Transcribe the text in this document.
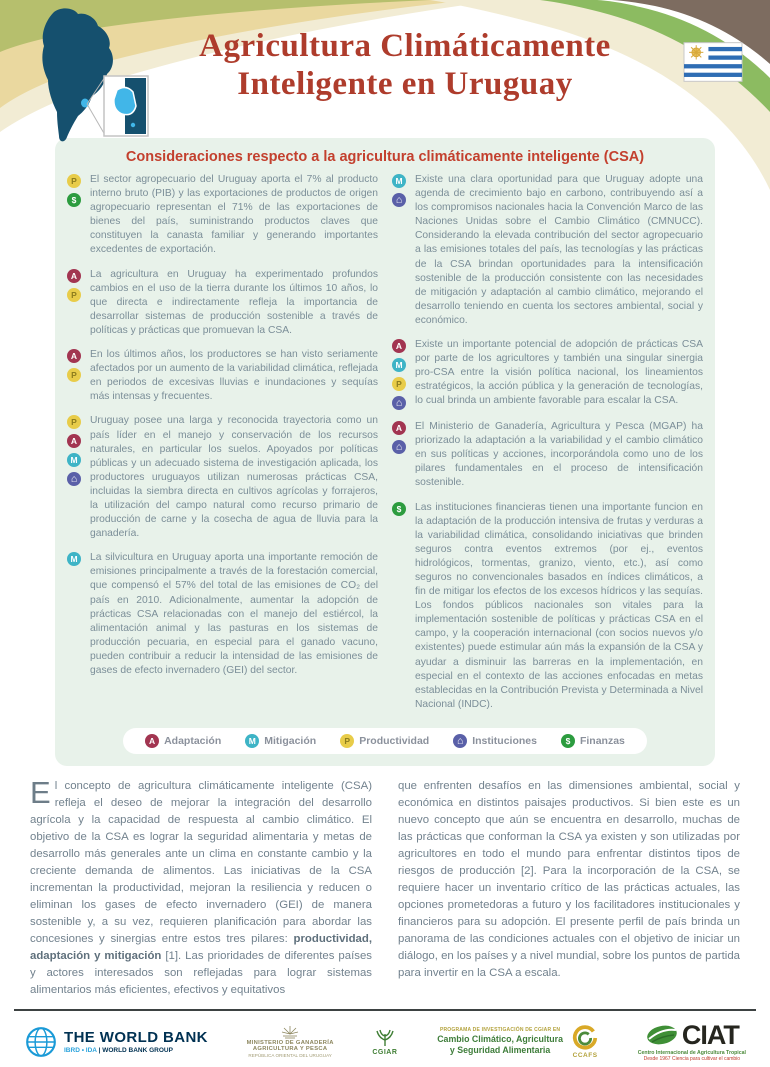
Agricultura Climáticamente
Inteligente en Uruguay
Consideraciones respecto a la agricultura climáticamente inteligente (CSA)
P
$

El sector agropecuario del Uruguay aporta el 7% al producto interno bruto (PIB) y las exportaciones de productos de origen agropecuario representan el 71% de las exportaciones de bienes del país, suministrando productos claves que constituyen la canasta familiar y generando importantes excedentes de exportación.

A
P

La agricultura en Uruguay ha experimentado profundos cambios en el uso de la tierra durante los últimos 10 años, lo que directa e indirectamente refleja la importancia de desarrollar sistemas de producción sostenible a través de políticas y prácticas que promuevan la CSA.

A
P

En los últimos años, los productores se han visto seriamente afectados por un aumento de la variabilidad climática, reflejada en periodos de excesivas lluvias e inundaciones y sequías más intensas y frecuentes.

P
A
M
⌂

Uruguay posee una larga y reconocida trayectoria como un país líder en el manejo y conservación de los recursos naturales, en particular los suelos. Apoyados por políticas públicas y un adecuado sistema de investigación aplicada, los productores uruguayos utilizan numerosas prácticas CSA, incluidas la siembra directa en cultivos agrícolas y forrajeros, la utilización del campo natural como recurso primario de producción de carne y la cosecha de agua de lluvia para la ganadería.

M	La silvicultura en Uruguay aporta una importante remoción de emisiones principalmente a través de la forestación comercial, que compensó el 57% del total de las emisiones de CO₂ del país en 2010. Adicionalmente, aumentar la adopción de prácticas CSA relacionadas con el manejo del estiércol, la alimentación animal y las pasturas en los sistemas de producción pecuaria, en especial para el ganado vacuno, pueden contribuir a reducir la intensidad de las emisiones de gases de efecto invernadero (GEI) del sector.

M
⌂

Existe una clara oportunidad para que Uruguay adopte una agenda de crecimiento bajo en carbono, contribuyendo así a los compromisos nacionales hacia la Convención Marco de las Naciones Unidas sobre el Cambio Climático (CMNUCC). Considerando la elevada contribución del sector agropecuario a las emisiones totales del país, las tecnologías y las prácticas de la CSA brindan oportunidades para la intensificación sostenible de la producción consistente con las necesidades de mitigación y adaptación al cambio climático, mejorando el desarrollo teniendo en cuenta los sectores ambiental, social y económico.

A
M
P
⌂

Existe un importante potencial de adopción de prácticas CSA por parte de los agricultores y también una singular sinergia pro-CSA entre la visión política nacional, los lineamientos estratégicos, la acción pública y la generación de tecnologías, lo cual brinda un ambiente favorable para escalar la CSA.

A
⌂

El Ministerio de Ganadería, Agricultura y Pesca (MGAP) ha priorizado la adaptación a la variabilidad y el cambio climático en sus políticas y acciones, incorporándola como uno de los pilares fundamentales en el proceso de intensificación sostenible.

$	Las instituciones financieras tienen una importante funcion en la adaptación de la producción intensiva de frutas y verduras a la variabilidad climática, consolidando iniciativas que brinden seguros contra eventos extremos (por ej., eventos hidrológicos, tormentas, granizo, viento, etc.), así como seguros no convencionales basados en índices climáticos, a fin de mitigar los efectos de los excesos hídricos y las sequías. Los fondos públicos nacionales son vitales para la implementación sostenible de políticas y prácticas CSA en el campo, y la cooperación internacional (con socios nuevos y/o existentes) puede estimular aún más la expansión de la CSA y ayudar a disminuir las barreras en la implementación, en especial en el contexto de las acciones enfocadas en metas establecidas en la Contribución Prevista y Determinada a Nivel Nacional (INDC).

A Adaptación	M Mitigación	P Productividad	⌂ Instituciones	$ Finanzas

El concepto de agricultura climáticamente inteligente (CSA) refleja el deseo de mejorar la integración del desarrollo agrícola y la capacidad de respuesta al cambio climático. El objetivo de la CSA es lograr la seguridad alimentaria y metas de desarrollo más generales ante un clima en constante cambio y la creciente demanda de alimentos. Las iniciativas de la CSA incrementan la productividad, mejoran la resiliencia y reducen o eliminan los gases de efecto invernadero (GEI) de manera sostenible y, a su vez, requieren planificación para abordar las concesiones y sinergias entre estos tres pilares: productividad, adaptación y mitigación [1]. Las prioridades de diferentes países y actores interesados son reflejadas para lograr sistemas alimentarios más eficientes, efectivos y equitativos

que enfrenten desafíos en las dimensiones ambiental, social y económica en distintos paisajes productivos. Si bien este es un nuevo concepto que aún se encuentra en desarrollo, muchas de las prácticas que conforman la CSA ya existen y son utilizadas por agricultores en todo el mundo para enfrentar distintos tipos de riesgos de producción [2]. Para la incorporación de la CSA, se requiere hacer un inventario crítico de las prácticas actuales, las opciones prometedoras a futuro y los facilitadores institucionales y financieros para su adopción. El presente perfil de país brinda un panorama de las condiciones actuales con el objetivo de iniciar un diálogo, en los países y a nivel mundial, sobre los puntos de partida para invertir en la CSA a escala.

THE WORLD BANK
IBRD • IDA | WORLD BANK GROUP
MINISTERIO DE GANADERÍA
AGRICULTURA Y PESCA
REPÚBLICA ORIENTAL DEL URUGUAY	CGIAR
PROGRAMA DE INVESTIGACIÓN DE CGIAR EN
Cambio Climático, Agricultura y Seguridad Alimentaria
CCAFS
CIAT
Centro Internacional de Agricultura Tropical
Desde 1967 Ciencia para cultivar el cambio
